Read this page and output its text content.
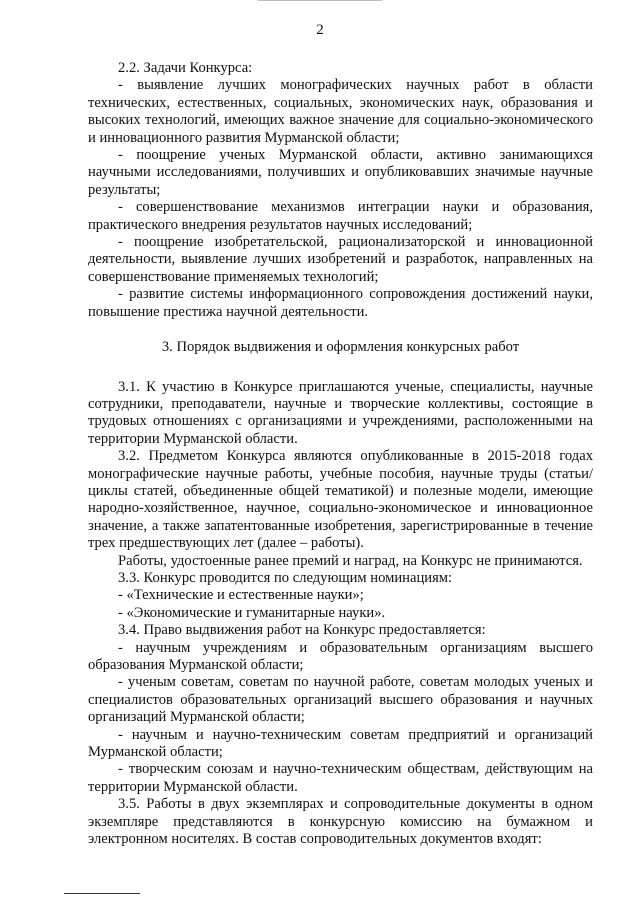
2

2.2. Задачи Конкурса:

- выявление лучших монографических научных работ в области технических, естественных, социальных, экономических наук, образования и высоких технологий, имеющих важное значение для социально-экономического и инновационного развития Мурманской области;

- поощрение ученых Мурманской области, активно занимающихся научными исследованиями, получивших и опубликовавших значимые научные результаты;

- совершенствование механизмов интеграции науки и образования, практического внедрения результатов научных исследований;

- поощрение изобретательской, рационализаторской и инновационной деятельности, выявление лучших изобретений и разработок, направленных на совершенствование применяемых технологий;

- развитие системы информационного сопровождения достижений науки, повышение престижа научной деятельности.

3. Порядок выдвижения и оформления конкурсных работ

3.1. К участию в Конкурсе приглашаются ученые, специалисты, научные сотрудники, преподаватели, научные и творческие коллективы, состоящие в трудовых отношениях с организациями и учреждениями, расположенными на территории Мурманской области.

3.2. Предметом Конкурса являются опубликованные в 2015-2018 годах монографические научные работы, учебные пособия, научные труды (статьи/циклы статей, объединенные общей тематикой) и полезные модели, имеющие народно-хозяйственное, научное, социально-экономическое и инновационное значение, а также запатентованные изобретения, зарегистрированные в течение трех предшествующих лет (далее – работы).

Работы, удостоенные ранее премий и наград, на Конкурс не принимаются.

3.3. Конкурс проводится по следующим номинациям:

- «Технические и естественные науки»;

- «Экономические и гуманитарные науки».

3.4. Право выдвижения работ на Конкурс предоставляется:

- научным учреждениям и образовательным организациям высшего образования Мурманской области;

- ученым советам, советам по научной работе, советам молодых ученых и специалистов образовательных организаций высшего образования и научных организаций Мурманской области;

- научным и научно-техническим советам предприятий и организаций Мурманской области;

- творческим союзам и научно-техническим обществам, действующим на территории Мурманской области.

3.5. Работы в двух экземплярах и сопроводительные документы в одном экземпляре представляются в конкурсную комиссию на бумажном и электронном носителях. В состав сопроводительных документов входят:
